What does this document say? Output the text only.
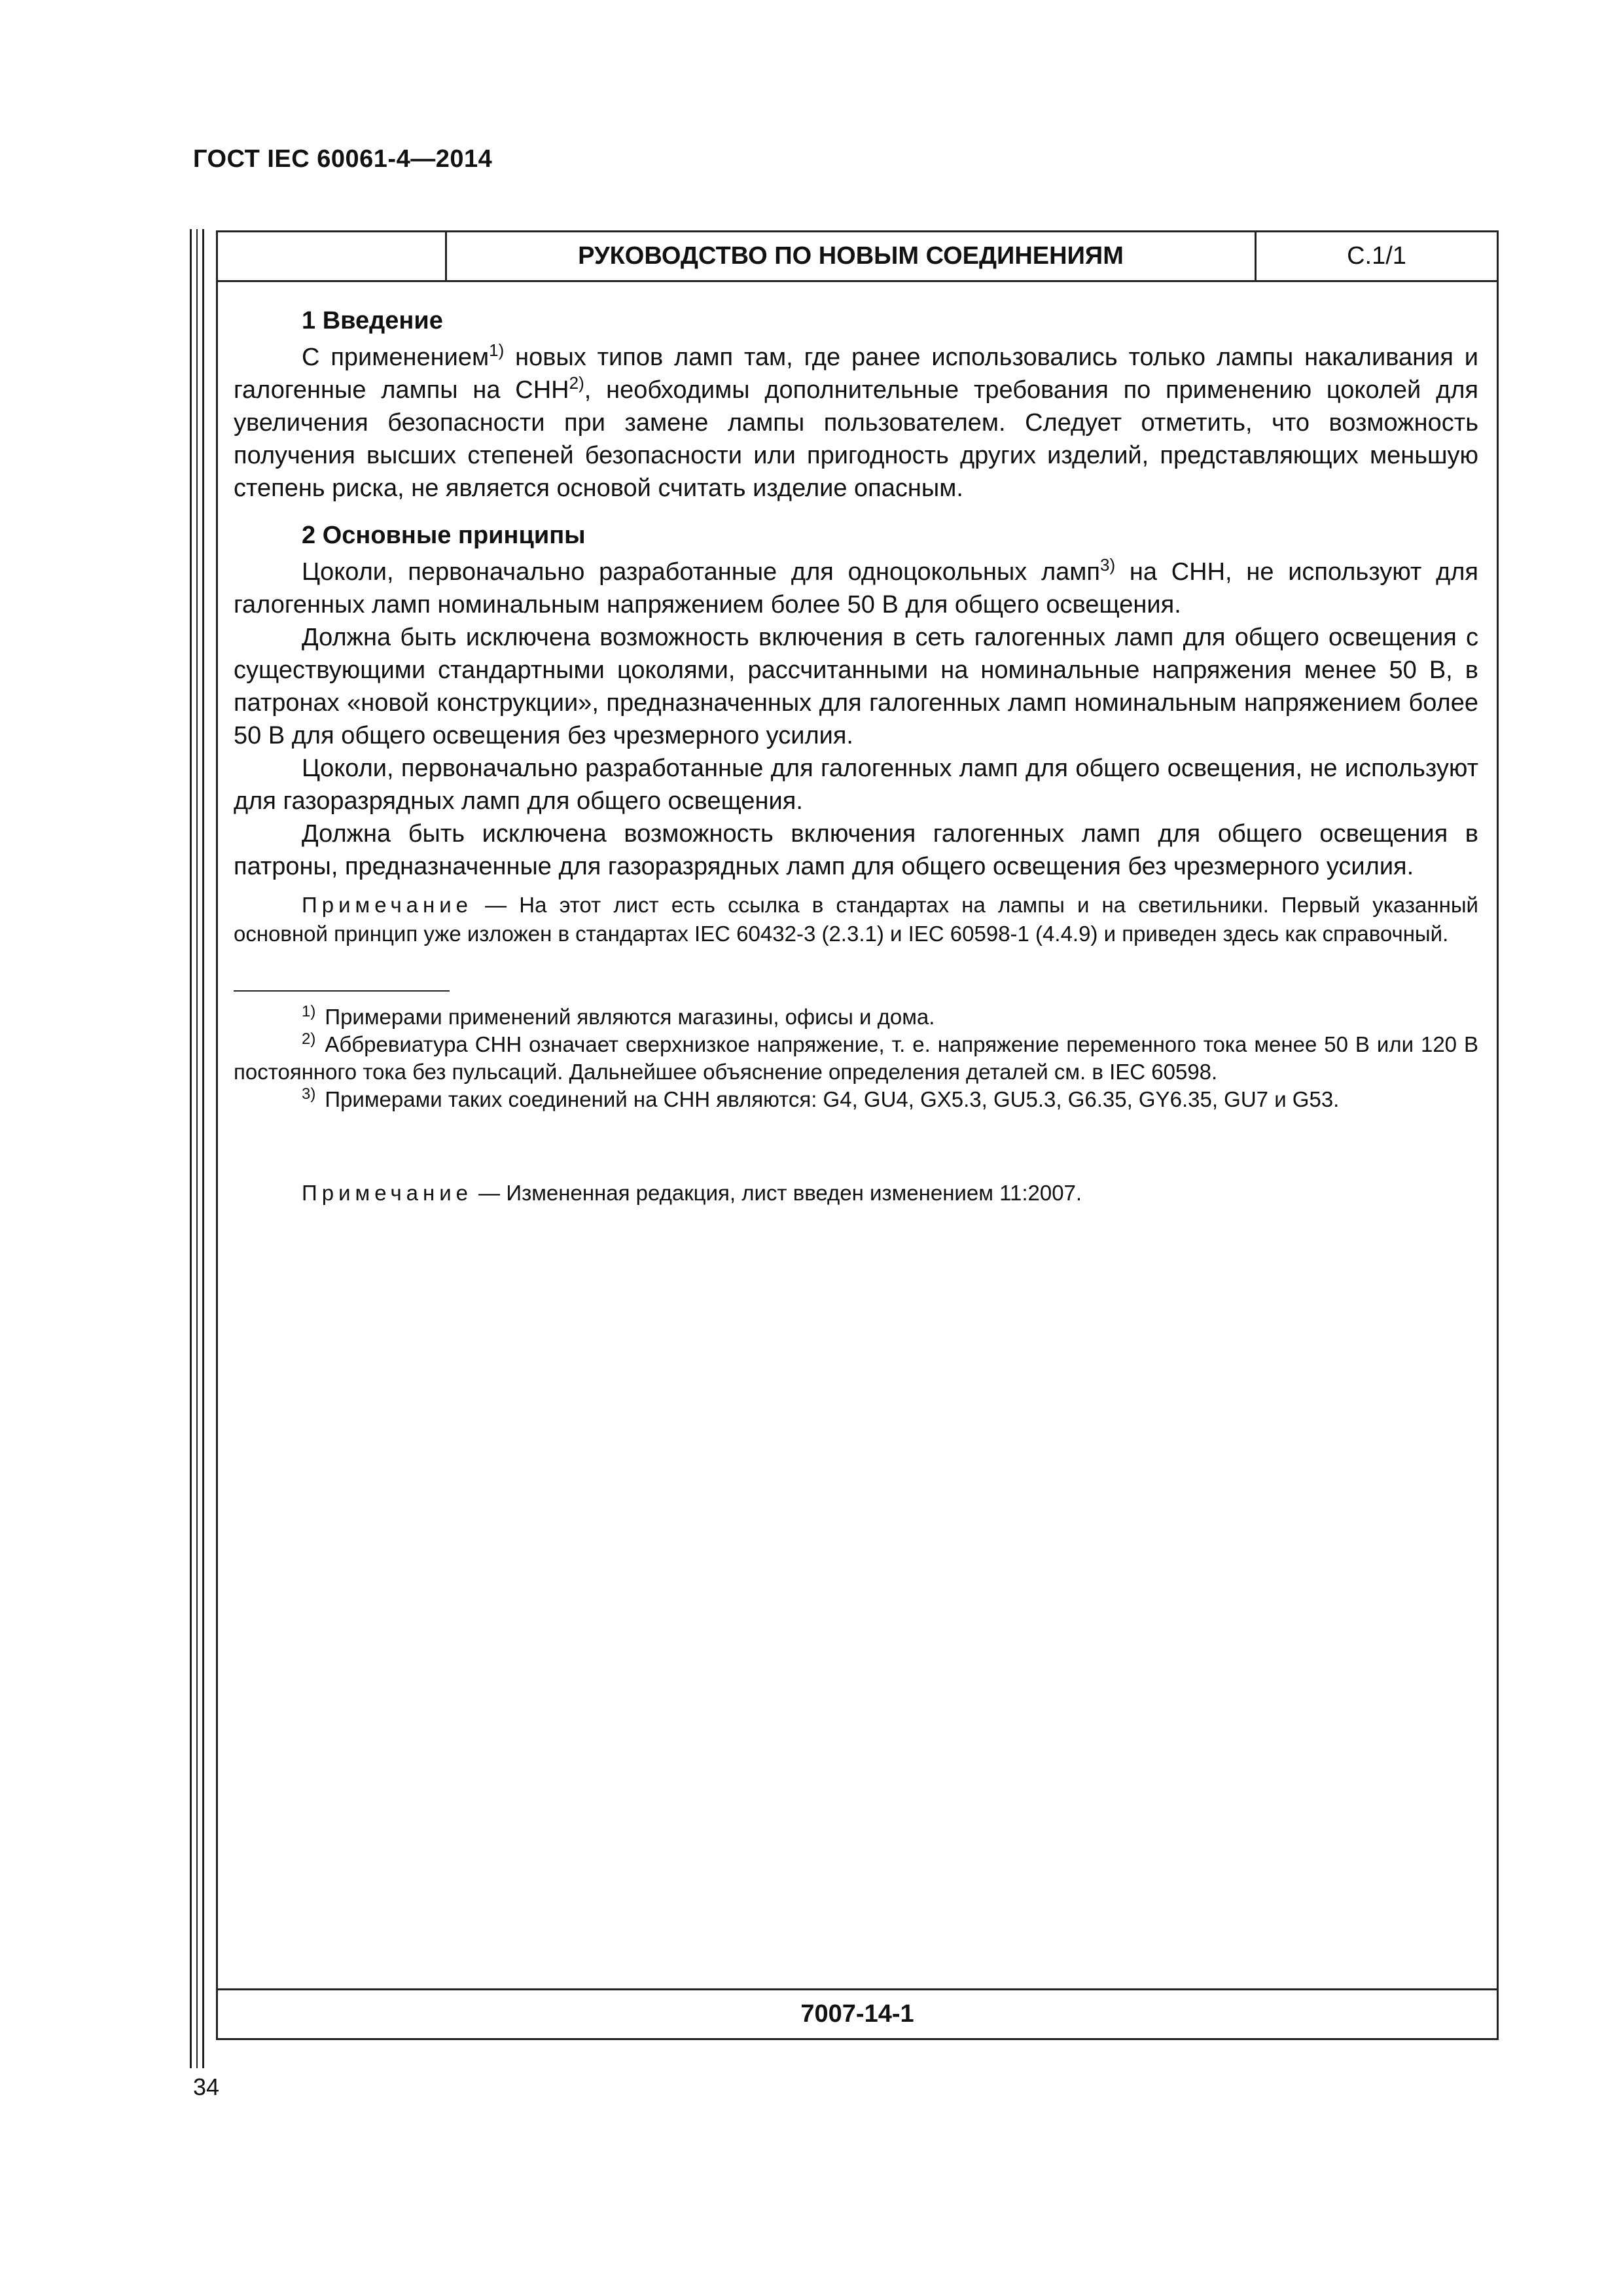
ГОСТ IEC 60061-4—2014
РУКОВОДСТВО ПО НОВЫМ СОЕДИНЕНИЯМ	С.1/1
1 Введение

С применением$^{1)}$ новых типов ламп там, где ранее использовались только лампы накаливания и галогенные лампы на СНН$^{2)}$, необходимы дополнительные требования по применению цоколей для увеличения безопасности при замене лампы пользователем. Следует отметить, что возможность получения высших степеней безопасности или пригодность других изделий, представляющих меньшую степень риска, не является основой считать изделие опасным.

2 Основные принципы

Цоколи, первоначально разработанные для одноцокольных ламп$^{3)}$ на СНН, не используют для галогенных ламп номинальным напряжением более 50 В для общего освещения.

Должна быть исключена возможность включения в сеть галогенных ламп для общего освещения с существующими стандартными цоколями, рассчитанными на номинальные напряжения менее 50 В, в патронах «новой конструкции», предназначенных для галогенных ламп номинальным напряжением более 50 В для общего освещения без чрезмерного усилия.

Цоколи, первоначально разработанные для галогенных ламп для общего освещения, не используют для газоразрядных ламп для общего освещения.

Должна быть исключена возможность включения галогенных ламп для общего освещения в патроны, предназначенные для газоразрядных ламп для общего освещения без чрезмерного усилия.

Примечание — На этот лист есть ссылка в стандартах на лампы и на светильники. Первый указанный основной принцип уже изложен в стандартах IEC 60432-3 (2.3.1) и IEC 60598-1 (4.4.9) и приведен здесь как справочный.

$^{1)}$ Примерами применений являются магазины, офисы и дома.

$^{2)}$ Аббревиатура СНН означает сверхнизкое напряжение, т. е. напряжение переменного тока менее 50 В или 120 В постоянного тока без пульсаций. Дальнейшее объяснение определения деталей см. в IEC 60598.

$^{3)}$ Примерами таких соединений на СНН являются: G4, GU4, GX5.3, GU5.3, G6.35, GY6.35, GU7 и G53.

Примечание — Измененная редакция, лист введен изменением 11:2007.

7007-14-1
34
